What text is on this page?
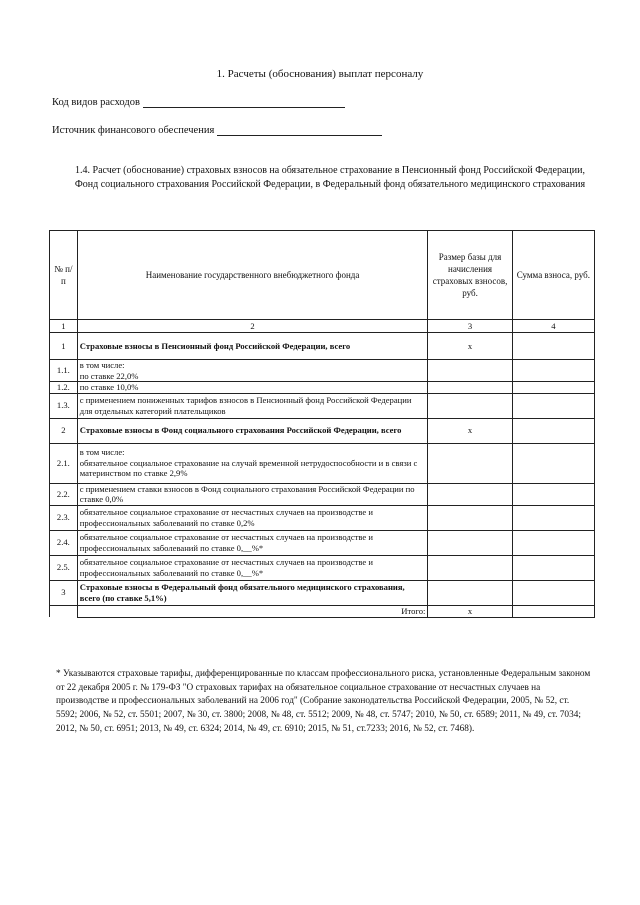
1. Расчеты (обоснования) выплат персоналу
Код видов расходов
Источник финансового обеспечения
1.4. Расчет (обоснование) страховых взносов на обязательное страхование в Пенсионный фонд Российской Федерации, Фонд социального страхования Российской Федерации, в Федеральный фонд обязательного медицинского страхования
№ п/п	Наименование государственного внебюджетного фонда	Размер базы для начисления страховых взносов, руб.	Сумма взноса, руб.
1	2	3	4
1	Страховые взносы в Пенсионный фонд Российской Федерации, всего	х	
1.1.	в том числе:
по ставке 22,0%		
1.2.	по ставке 10,0%		
1.3.	с применением пониженных тарифов взносов в Пенсионный фонд Российской Федерации для отдельных категорий плательщиков		
2	Страховые взносы в Фонд социального страхования Российской Федерации, всего	х	
2.1.	в том числе:
обязательное социальное страхование на случай временной нетрудоспособности и в связи с материнством по ставке 2,9%		
2.2.	с применением ставки взносов в Фонд социального страхования Российской Федерации по ставке 0,0%		
2.3.	обязательное социальное страхование от несчастных случаев на производстве и профессиональных заболеваний по ставке 0,2%		
2.4.	обязательное социальное страхование от несчастных случаев на производстве и профессиональных заболеваний по ставке 0,__%*		
2.5.	обязательное социальное страхование от несчастных случаев на производстве и профессиональных заболеваний по ставке 0,__%*		
3	Страховые взносы в Федеральный фонд обязательного медицинского страхования, всего (по ставке 5,1%)		
	Итого:	х	
* Указываются страховые тарифы, дифференцированные по классам профессионального риска, установленные Федеральным законом от 22 декабря 2005 г. № 179-ФЗ "О страховых тарифах на обязательное социальное страхование от несчастных случаев на производстве и профессиональных заболеваний на 2006 год" (Собрание законодательства Российской Федерации, 2005, № 52, ст. 5592; 2006, № 52, ст. 5501; 2007, № 30, ст. 3800; 2008, № 48, ст. 5512; 2009, № 48, ст. 5747; 2010, № 50, ст. 6589; 2011, № 49, ст. 7034; 2012, № 50, ст. 6951; 2013, № 49, ст. 6324; 2014, № 49, ст. 6910; 2015, № 51, ст.7233; 2016, № 52, ст. 7468).
